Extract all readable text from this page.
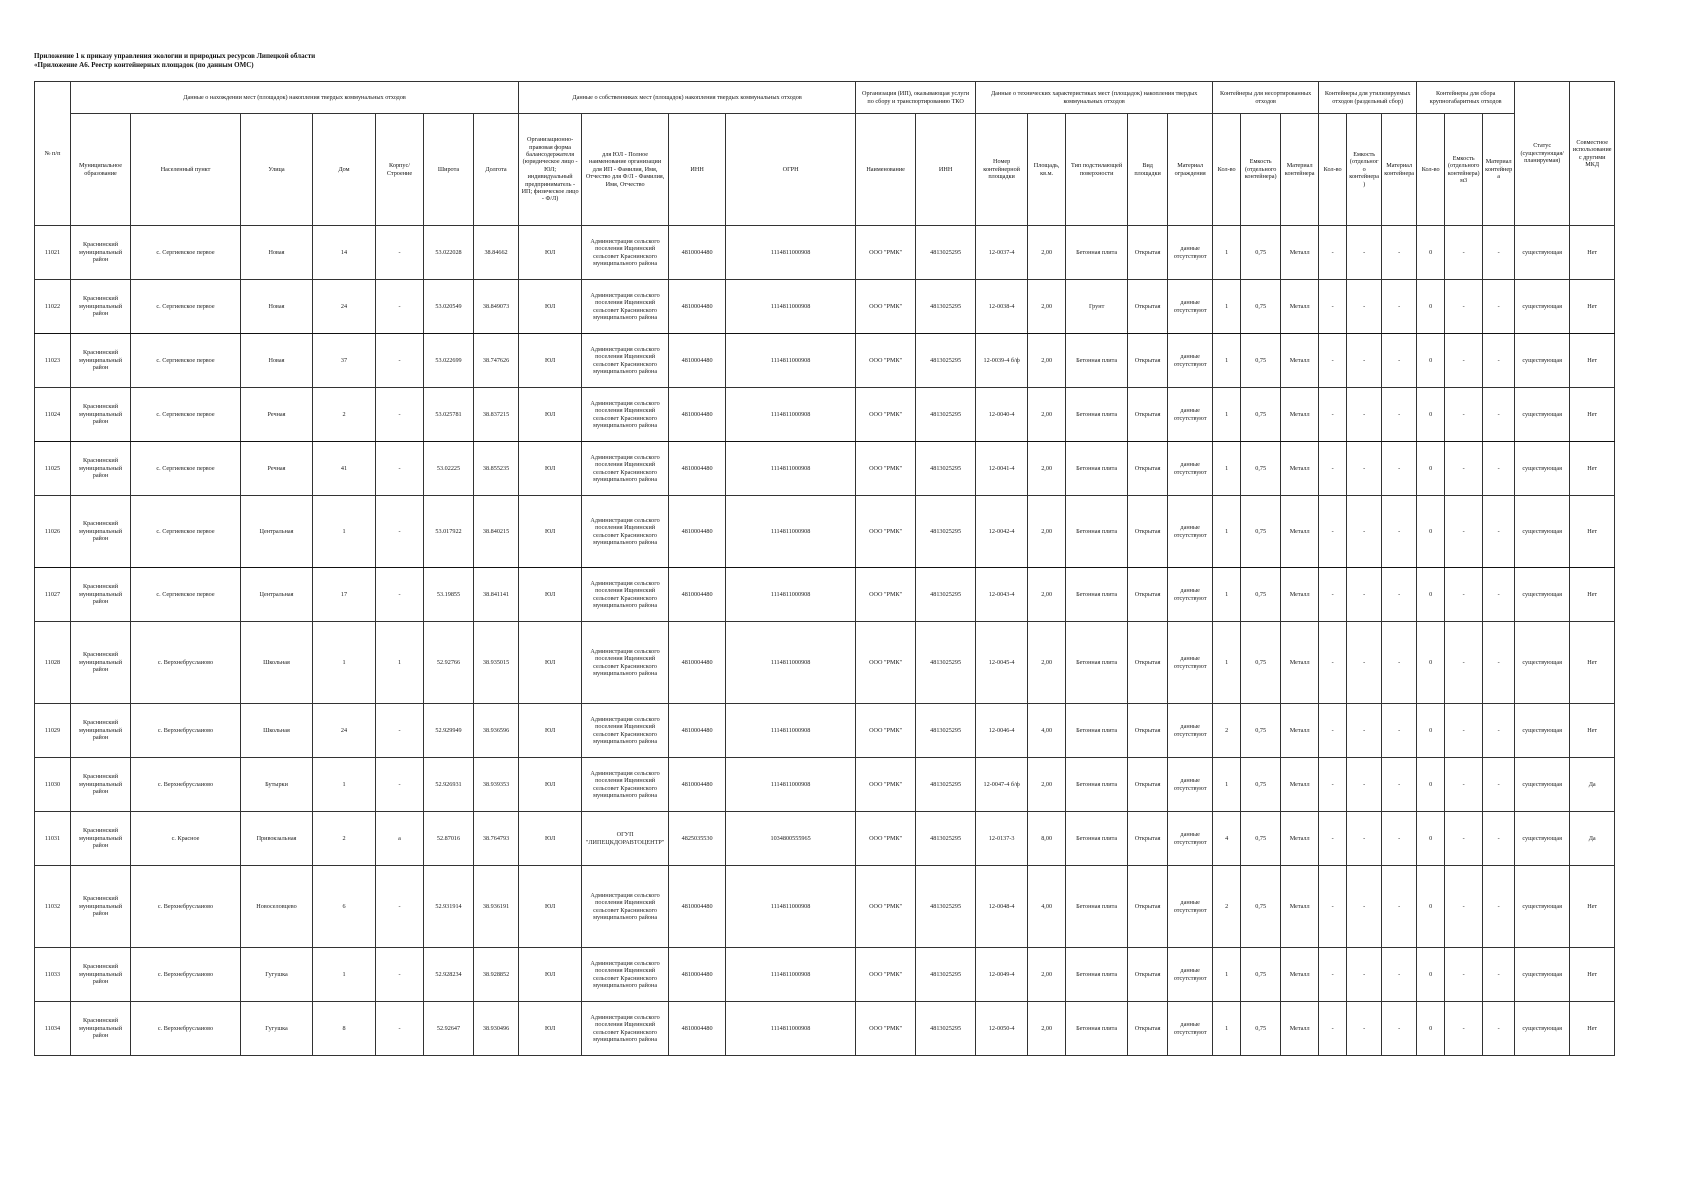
Приложение 1 к приказу управления экологии и природных ресурсов Липецкой области
«Приложение А6. Реестр контейнерных площадок (по данным ОМС)
№ п/п	Данные о нахождении мест (площадок) накопления твердых коммунальных отходов							Данные о собственниках мест (площадок) накопления твердых коммунальных отходов				Организация (ИП), оказывающая услуги по сбору и транспортированию ТКО		Данные о технических характеристиках мест (площадок) накопления твердых коммунальных отходов					Контейнеры для несортированных отходов			Контейнеры для утилизируемых отходов (раздельный сбор)			Контейнеры для сбора крупногабаритных отходов			Статус (существующая/ планируемая)	Совместное использование с другими МКД
	Муниципальное образование	Населенный пункт	Улица	Дом	Корпус/Строение	Широта	Долгота	Организационно-правовая форма балансодержателя (юридическое лицо - ЮЛ; индивидуальный предприниматель - ИП; физическое лицо - Ф/Л)	для ЮЛ - Полное наименование организации для ИП - Фамилия, Имя, Отчество для Ф/Л - Фамилия, Имя, Отчество	ИНН	ОГРН	Наименование	ИНН	Номер контейнерной площадки	Площадь, кв.м.	Тип подстилающей поверхности	Вид площадки	Материал ограждения	Кол-во	Емкость (отдельного контейнера)	Материал контейнера	Кол-во	Емкость (отдельного контейнера)	Материал контейнера	Кол-во	Емкость (отдельного контейнера) м3	Материал контейнера		
11021	Краснинский муниципальный район	с. Сергиевское первое	Новая	14	-	53.022028	38.84662	ЮЛ	Администрация сельского поселения Ищеинский сельсовет Краснинского муниципального района	4810004480	1114811000908	ООО "РМК"	4813025295	12-0037-4	2,00	Бетонная плита	Открытая	данные отсутствуют	1	0,75	Металл	-	-	-	0	-	-	существующая	Нет
11022	Краснинский муниципальный район	с. Сергиевское первое	Новая	24	-	53.020549	38.849073	ЮЛ	Администрация сельского поселения Ищеинский сельсовет Краснинского муниципального района	4810004480	1114811000908	ООО "РМК"	4813025295	12-0038-4	2,00	Грунт	Открытая	данные отсутствуют	1	0,75	Металл	-	-	-	0	-	-	существующая	Нет
11023	Краснинский муниципальный район	с. Сергиевское первое	Новая	37	-	53.022699	38.747626	ЮЛ	Администрация сельского поселения Ищеинский сельсовет Краснинского муниципального района	4810004480	1114811000908	ООО "РМК"	4813025295	12-0039-4 б/ф	2,00	Бетонная плита	Открытая	данные отсутствуют	1	0,75	Металл	-	-	-	0	-	-	существующая	Нет
11024	Краснинский муниципальный район	с. Сергиевское первое	Речная	2	-	53.025781	38.837215	ЮЛ	Администрация сельского поселения Ищеинский сельсовет Краснинского муниципального района	4810004480	1114811000908	ООО "РМК"	4813025295	12-0040-4	2,00	Бетонная плита	Открытая	данные отсутствуют	1	0,75	Металл	-	-	-	0	-	-	существующая	Нет
11025	Краснинский муниципальный район	с. Сергиевское первое	Речная	41	-	53.02225	38.855235	ЮЛ	Администрация сельского поселения Ищеинский сельсовет Краснинского муниципального района	4810004480	1114811000908	ООО "РМК"	4813025295	12-0041-4	2,00	Бетонная плита	Открытая	данные отсутствуют	1	0,75	Металл	-	-	-	0	-	-	существующая	Нет
11026	Краснинский муниципальный район	с. Сергиевское первое	Центральная	1	-	53.017922	38.840215	ЮЛ	Администрация сельского поселения Ищеинский сельсовет Краснинского муниципального района	4810004480	1114811000908	ООО "РМК"	4813025295	12-0042-4	2,00	Бетонная плита	Открытая	данные отсутствуют	1	0,75	Металл	-	-	-	0	-	-	существующая	Нет
11027	Краснинский муниципальный район	с. Сергиевское первое	Центральная	17	-	53.19855	38.841141	ЮЛ	Администрация сельского поселения Ищеинский сельсовет Краснинского муниципального района	4810004480	1114811000908	ООО "РМК"	4813025295	12-0043-4	2,00	Бетонная плита	Открытая	данные отсутствуют	1	0,75	Металл	-	-	-	0	-	-	существующая	Нет
11028	Краснинский муниципальный район	с. Верхнебруслаиово	Школьная	1	1	52.92766	38.935015	ЮЛ	Администрация сельского поселения Ищеинский сельсовет Краснинского муниципального района	4810004480	1114811000908	ООО "РМК"	4813025295	12-0045-4	2,00	Бетонная плита	Открытая	данные отсутствуют	1	0,75	Металл	-	-	-	0	-	-	существующая	Нет
11029	Краснинский муниципальный район	с. Верхнебруслаиово	Школьная	24	-	52.929949	38.936596	ЮЛ	Администрация сельского поселения Ищеинский сельсовет Краснинского муниципального района	4810004480	1114811000908	ООО "РМК"	4813025295	12-0046-4	4,00	Бетонная плита	Открытая	данные отсутствуют	2	0,75	Металл	-	-	-	0	-	-	существующая	Нет
11030	Краснинский муниципальный район	с. Верхнебруслаиово	Бутырки	1	-	52.926931	38.939353	ЮЛ	Администрация сельского поселения Ищеинский сельсовет Краснинского муниципального района	4810004480	1114811000908	ООО "РМК"	4813025295	12-0047-4 б/ф	2,00	Бетонная плита	Открытая	данные отсутствуют	1	0,75	Металл	-	-	-	0	-	-	существующая	Да
11031	Краснинский муниципальный район	с. Красное	Привокзальная	2	а	52.87016	38.764793	ЮЛ	ОГУП "ЛИПЕЦКДОРАВТОЦЕНТР"	4825035530	1034800555965	ООО "РМК"	4813025295	12-0137-3	8,00	Бетонная плита	Открытая	данные отсутствуют	4	0,75	Металл	-	-	-	0	-	-	существующая	Да
11032	Краснинский муниципальный район	с. Верхнебруслаиово	Новоселовцево	6	-	52.931914	38.936191	ЮЛ	Администрация сельского поселения Ищеинский сельсовет Краснинского муниципального района	4810004480	1114811000908	ООО "РМК"	4813025295	12-0048-4	4,00	Бетонная плита	Открытая	данные отсутствуют	2	0,75	Металл	-	-	-	0	-	-	существующая	Нет
11033	Краснинский муниципальный район	с. Верхнебруслаиово	Гугушка	1	-	52.928234	38.928852	ЮЛ	Администрация сельского поселения Ищеинский сельсовет Краснинского муниципального района	4810004480	1114811000908	ООО "РМК"	4813025295	12-0049-4	2,00	Бетонная плита	Открытая	данные отсутствуют	1	0,75	Металл	-	-	-	0	-	-	существующая	Нет
11034	Краснинский муниципальный район	с. Верхнебруслаиово	Гугушка	8	-	52.92647	38.930496	ЮЛ	Администрация сельского поселения Ищеинский сельсовет Краснинского муниципального района	4810004480	1114811000908	ООО "РМК"	4813025295	12-0050-4	2,00	Бетонная плита	Открытая	данные отсутствуют	1	0,75	Металл	-	-	-	0	-	-	существующая	Нет
